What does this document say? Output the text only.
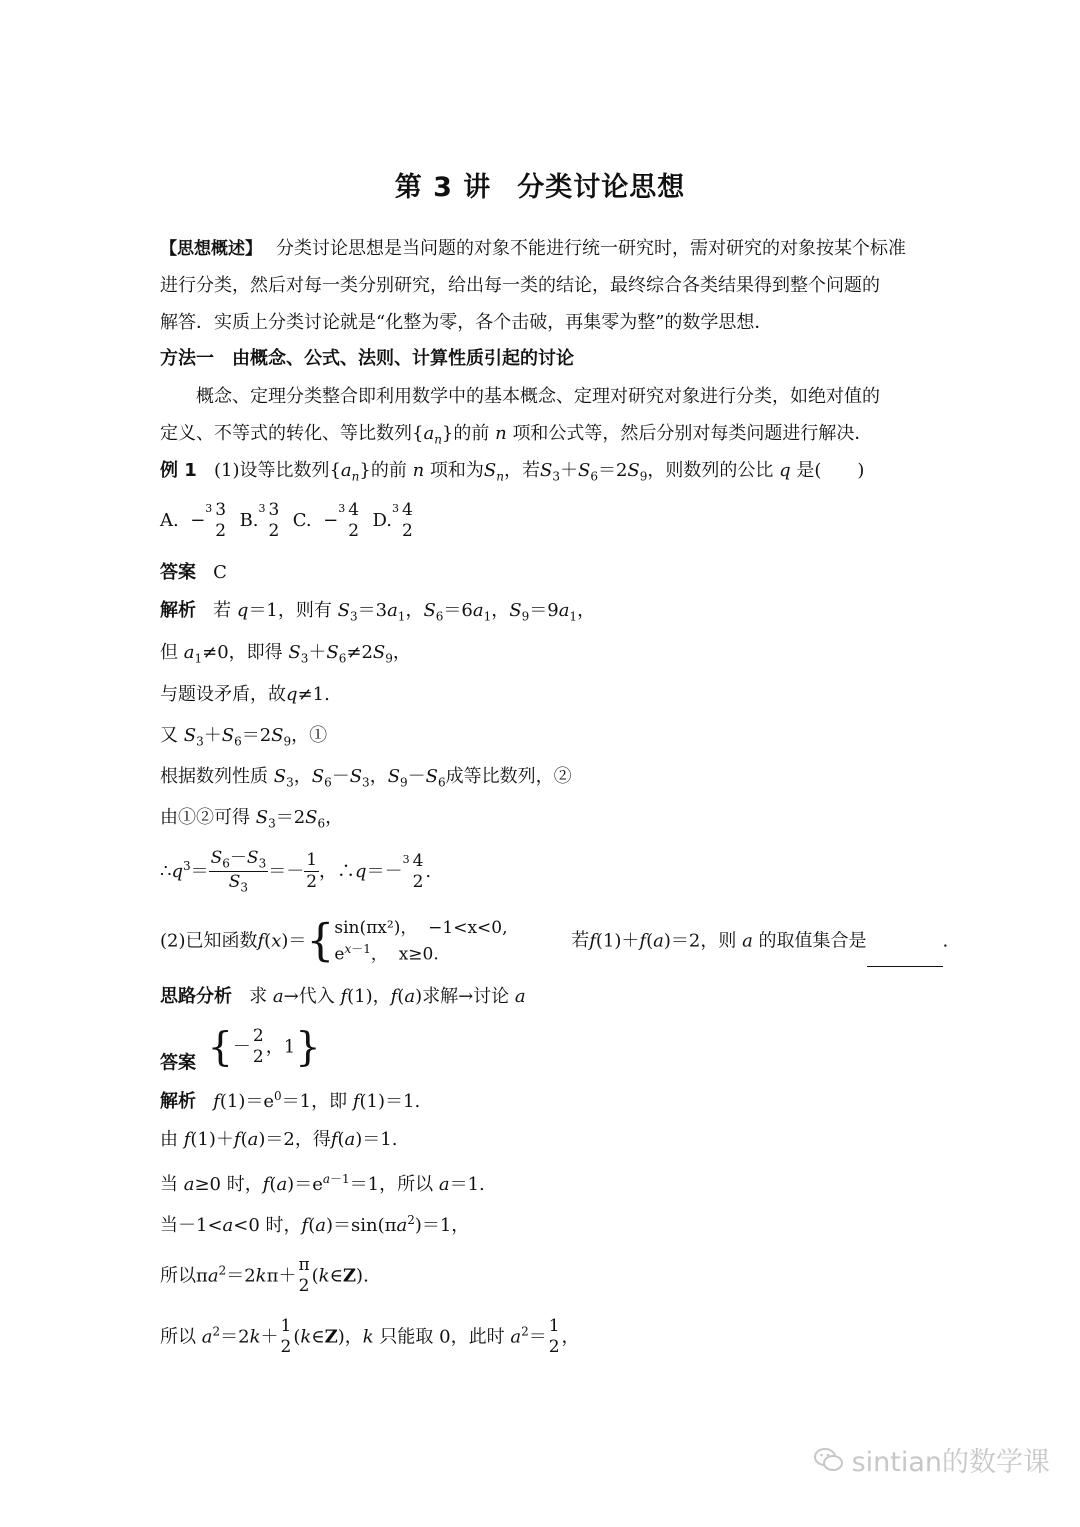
第 3 讲 分类讨论思想
【思想概述】 分类讨论思想是当问题的对象不能进行统一研究时，需对研究的对象按某个标准
进行分类，然后对每一类分别研究，给出每一类的结论，最终综合各类结果得到整个问题的
解答．实质上分类讨论就是“化整为零，各个击破，再集零为整”的数学思想．
方法一　由概念、公式、法则、计算性质引起的讨论
概念、定理分类整合即利用数学中的基本概念、定理对研究对象进行分类，如绝对值的
定义、不等式的转化、等比数列$\{a_n\}$的前 n 项和公式等，然后分别对每类问题进行解决．
例 1 (1)设等比数列$\{a_n\}$的前 n 项和为$S_n$，若$S_3+S_6=2S_9$，则数列的公比 q 是(　　)
A. −$^3$ 3
2 B.$^3$ 3
2 C. −$^3$ 4
2 D.$^3$ 4
2
答案 C
解析 若 q＝1，则有 $S_3=3a_1$，$S_6=6a_1$，$S_9=9a_1$，
但 $a_1\ne 0$，即得 $S_3+S_6\ne 2S_9$，
与题设矛盾，故q≠1.
又 $S_3+S_6=2S_9$，①
根据数列性质 $S_3$，$S_6-S_3$，$S_9-S_6$成等比数列，②
由①②可得 $S_3=2S_6$，
$\therefore q^3= \frac{S_6-S_3}{S_3} =- \frac{1}{2}$ ，∴q＝－$^3$ 4
2 .
(2)已知函数f(x)＝{sin(πx²)， −1<x<0,
$e^{x-1}$，  x≥0. 若f(1)＋f(a)＝2，则 a 的取值集合是	.
思路分析 求 a→代入 f(1)，f(a)求解→讨论 a
答案 {－
2
2 ，1}
解析 $f(1)=e^0=1$，即 f(1)＝1.
由 f(1)＋f(a)＝2，得f(a)＝1.
当 a≥0 时，$f(a)=e^{a-1}=1$，所以 a＝1.
当－1<a<0 时，$f(a)=\sin(\pi a^2)=1$，
所以$\pi a^2=2k\pi+$
π
2 (k∈Z).
所以 $a^2=2k+$
1
2 (k∈Z)，k 只能取 0，此时 $a^2=$
1
2 ，
sintian的数学课
